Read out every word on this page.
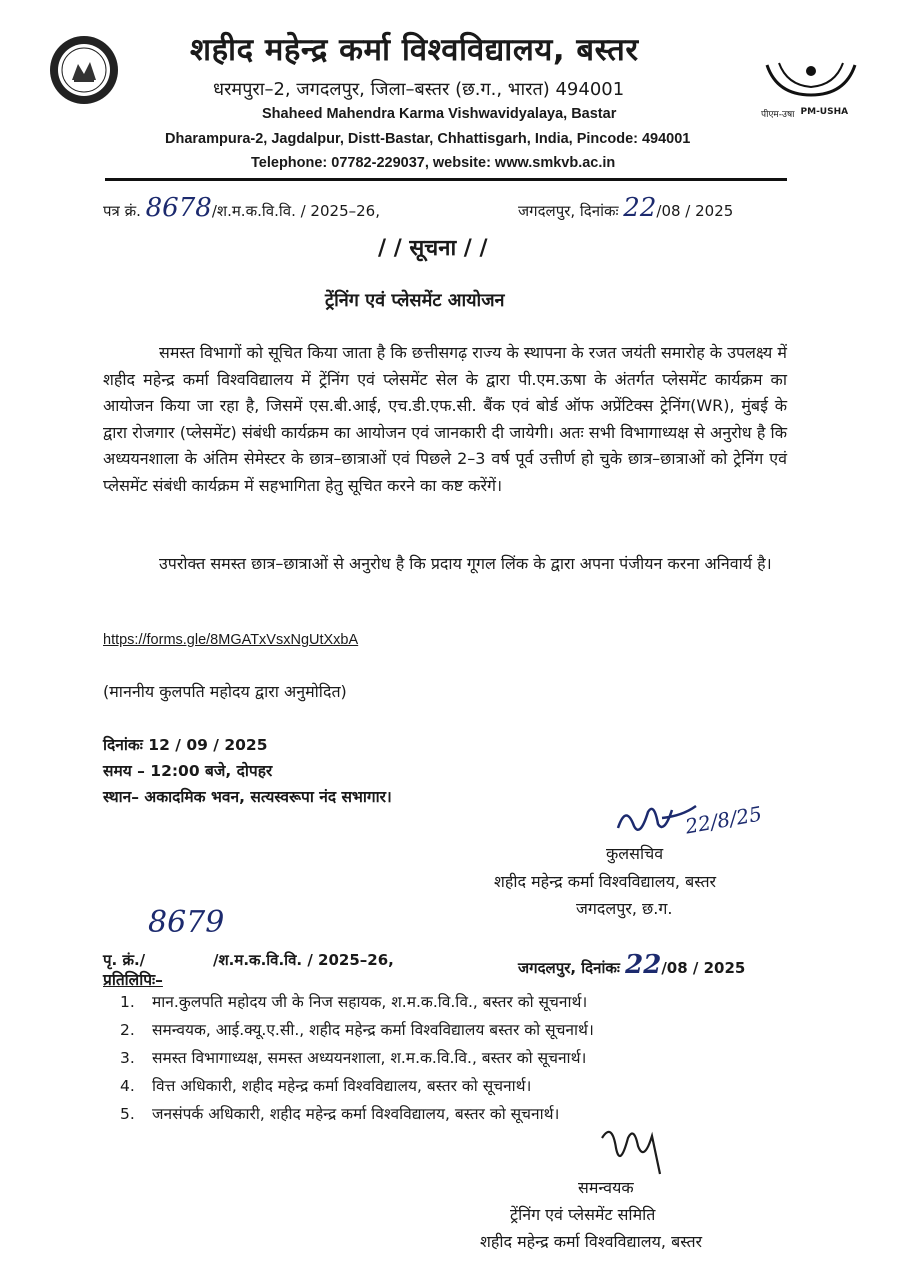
शहीद महेन्द्र कर्मा विश्वविद्यालय, बस्तर
धरमपुरा–2, जगदलपुर, जिला–बस्तर (छ.ग., भारत) 494001
Shaheed Mahendra Karma Vishwavidyalaya, Bastar
Dharampura-2, Jagdalpur, Distt-Bastar, Chhattisgarh, India, Pincode: 494001
Telephone: 07782-229037, website: www.smkvb.ac.in
पीएम-उषा PM-USHA
पत्र क्रं. 8678/श.म.क.वि.वि. / 2025–26,	जगदलपुर, दिनांकः 22/08 / 2025
/ / सूचना / /
ट्रेंनिंग एवं प्लेसमेंट आयोजन
समस्त विभागों को सूचित किया जाता है कि छत्तीसगढ़ राज्य के स्थापना के रजत जयंती समारोह के उपलक्ष्य में शहीद महेन्द्र कर्मा विश्वविद्यालय में ट्रेंनिंग एवं प्लेसमेंट सेल के द्वारा पी.एम.ऊषा के अंतर्गत प्लेसमेंट कार्यक्रम का आयोजन किया जा रहा है, जिसमें एस.बी.आई, एच.डी.एफ.सी. बैंक एवं बोर्ड ऑफ अप्रेंटिक्स ट्रेनिंग(WR), मुंबई के द्वारा रोजगार (प्लेसमेंट) संबंधी कार्यक्रम का आयोजन एवं जानकारी दी जायेगी। अतः सभी विभागाध्यक्ष से अनुरोध है कि अध्ययनशाला के अंतिम सेमेस्टर के छात्र–छात्राओं एवं पिछले 2–3 वर्ष पूर्व उत्तीर्ण हो चुके छात्र–छात्राओं को ट्रेनिंग एवं प्लेसमेंट संबंधी कार्यक्रम में सहभागिता हेतु सूचित करने का कष्ट करेंगें।
उपरोक्त समस्त छात्र–छात्राओं से अनुरोध है कि प्रदाय गूगल लिंक के द्वारा अपना पंजीयन करना अनिवार्य है।
https://forms.gle/8MGATxVsxNgUtXxbA
(माननीय कुलपति महोदय द्वारा अनुमोदित)
दिनांकः 12 / 09 / 2025
समय – 12:00 बजे, दोपहर
स्थान– अकादमिक भवन, सत्यस्वरूपा नंद सभागार।
22/8/25
कुलसचिव
शहीद महेन्द्र कर्मा विश्वविद्यालय, बस्तर
जगदलपुर, छ.ग.
8679
पृ. क्रं./	/श.म.क.वि.वि. / 2025–26,	जगदलपुर, दिनांकः 22/08 / 2025
प्रतिलिपिः–
1. मान.कुलपति महोदय जी के निज सहायक, श.म.क.वि.वि., बस्तर को सूचनार्थ।
2. समन्वयक, आई.क्यू.ए.सी., शहीद महेन्द्र कर्मा विश्वविद्यालय बस्तर को सूचनार्थ।
3. समस्त विभागाध्यक्ष, समस्त अध्ययनशाला, श.म.क.वि.वि., बस्तर को सूचनार्थ।
4. वित्त अधिकारी, शहीद महेन्द्र कर्मा विश्वविद्यालय, बस्तर को सूचनार्थ।
5. जनसंपर्क अधिकारी, शहीद महेन्द्र कर्मा विश्वविद्यालय, बस्तर को सूचनार्थ।
समन्वयक
ट्रेंनिंग एवं प्लेसमेंट समिति
शहीद महेन्द्र कर्मा विश्वविद्यालय, बस्तर
